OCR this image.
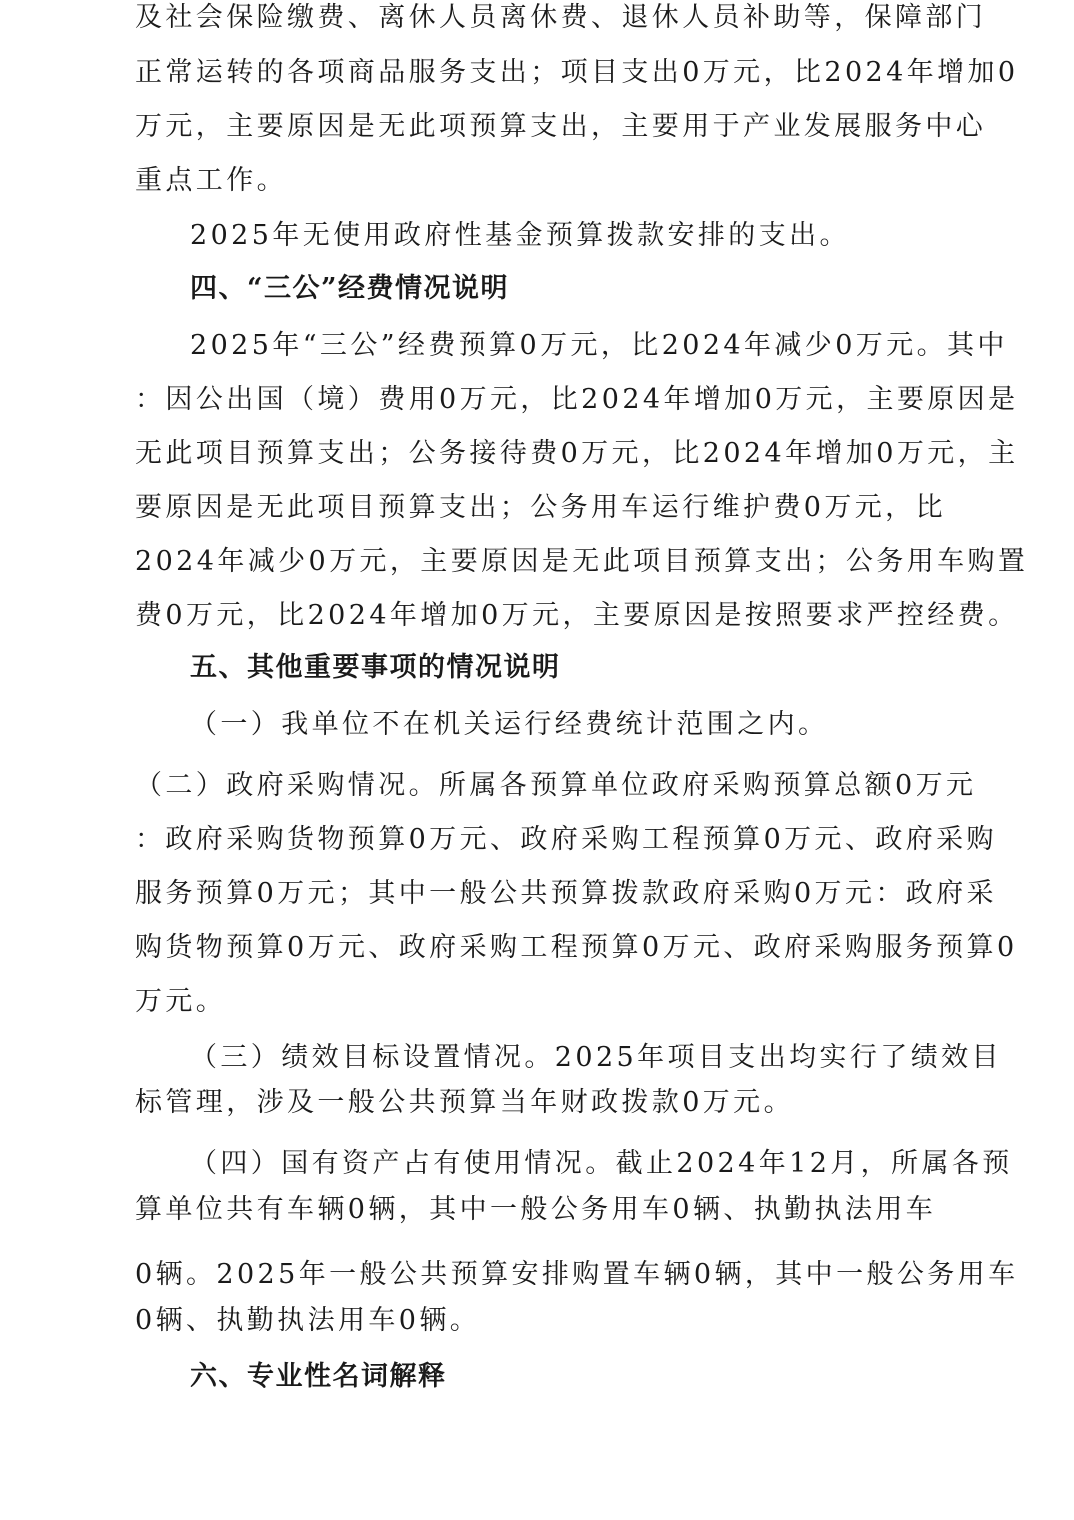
及社会保险缴费、离休人员离休费、退休人员补助等，保障部门
正常运转的各项商品服务支出；项目支出0万元，比2024年增加0
万元，主要原因是无此项预算支出，主要用于产业发展服务中心
重点工作。
2025年无使用政府性基金预算拨款安排的支出。
四、“三公”经费情况说明
2025年“三公”经费预算0万元，比2024年减少0万元。其中
：因公出国（境）费用0万元，比2024年增加0万元，主要原因是
无此项目预算支出；公务接待费0万元，比2024年增加0万元，主
要原因是无此项目预算支出；公务用车运行维护费0万元，比
2024年减少0万元，主要原因是无此项目预算支出；公务用车购置
费0万元，比2024年增加0万元，主要原因是按照要求严控经费。
五、其他重要事项的情况说明
（一）我单位不在机关运行经费统计范围之内。
（二）政府采购情况。所属各预算单位政府采购预算总额0万元
：政府采购货物预算0万元、政府采购工程预算0万元、政府采购
服务预算0万元；其中一般公共预算拨款政府采购0万元：政府采
购货物预算0万元、政府采购工程预算0万元、政府采购服务预算0
万元。
（三）绩效目标设置情况。2025年项目支出均实行了绩效目
标管理，涉及一般公共预算当年财政拨款0万元。
（四）国有资产占有使用情况。截止2024年12月，所属各预
算单位共有车辆0辆，其中一般公务用车0辆、执勤执法用车
0辆。2025年一般公共预算安排购置车辆0辆，其中一般公务用车
0辆、执勤执法用车0辆。
六、专业性名词解释
